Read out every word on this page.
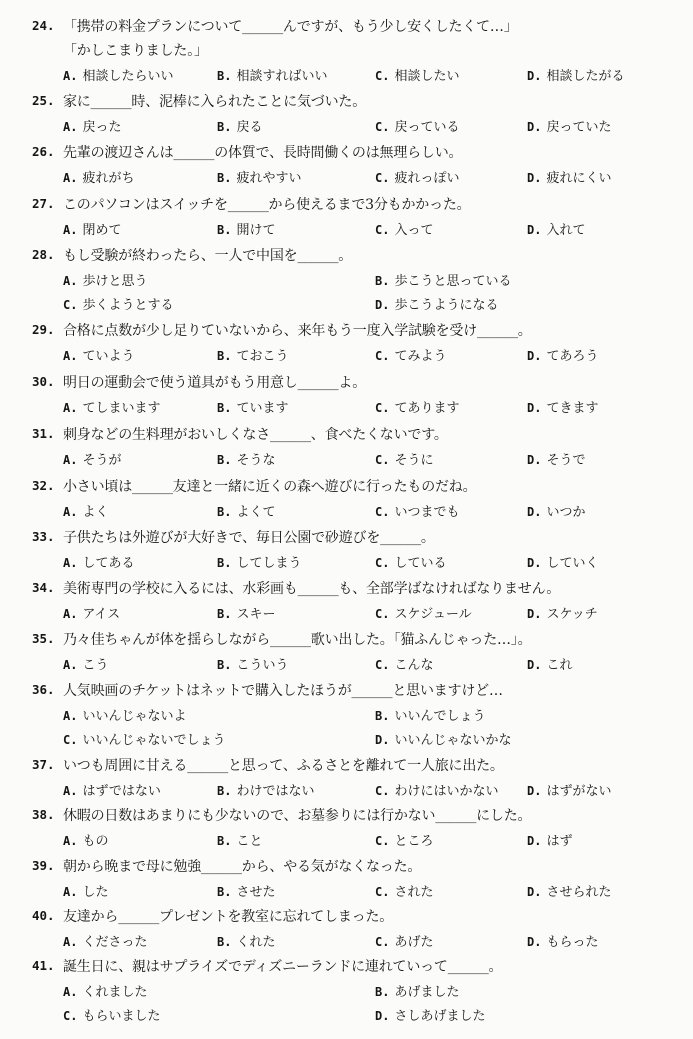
24. 「携帯の料金プランについて______んですが、もう少し安くしたくて…」
「かしこまりました。」
A. 相談したらいい	B. 相談すればいい	C. 相談したい	D. 相談したがる
25. 家に______時、泥棒に入られたことに気づいた。
A. 戻った	B. 戻る	C. 戻っている	D. 戻っていた
26. 先輩の渡辺さんは______の体質で、長時間働くのは無理らしい。
A. 疲れがち	B. 疲れやすい	C. 疲れっぽい	D. 疲れにくい
27. このパソコンはスイッチを______から使えるまで3分もかかった。
A. 閉めて	B. 開けて	C. 入って	D. 入れて
28. もし受験が終わったら、一人で中国を______。
A. 歩けと思う	B. 歩こうと思っている
C. 歩くようとする	D. 歩こうようになる
29. 合格に点数が少し足りていないから、来年もう一度入学試験を受け______。
A. ていよう	B. ておこう	C. てみよう	D. てあろう
30. 明日の運動会で使う道具がもう用意し______よ。
A. てしまいます	B. ています	C. てあります	D. てきます
31. 刺身などの生料理がおいしくなさ______、食べたくないです。
A. そうが	B. そうな	C. そうに	D. そうで
32. 小さい頃は______友達と一緒に近くの森へ遊びに行ったものだね。
A. よく	B. よくて	C. いつまでも	D. いつか
33. 子供たちは外遊びが大好きで、毎日公園で砂遊びを______。
A. してある	B. してしまう	C. している	D. していく
34. 美術専門の学校に入るには、水彩画も______も、全部学ばなければなりません。
A. アイス	B. スキー	C. スケジュール	D. スケッチ
35. 乃々佳ちゃんが体を揺らしながら______歌い出した。「猫ふんじゃった…」。
A. こう	B. こういう	C. こんな	D. これ
36. 人気映画のチケットはネットで購入したほうが______と思いますけど…
A. いいんじゃないよ	B. いいんでしょう
C. いいんじゃないでしょう	D. いいんじゃないかな
37. いつも周囲に甘える______と思って、ふるさとを離れて一人旅に出た。
A. はずではない	B. わけではない	C. わけにはいかない D. はずがない
38. 休暇の日数はあまりにも少ないので、お墓参りには行かない______にした。
A. もの	B. こと	C. ところ	D. はず
39. 朝から晩まで母に勉強______から、やる気がなくなった。
A. した	B. させた	C. された	D. させられた
40. 友達から______プレゼントを教室に忘れてしまった。
A. くださった	B. くれた	C. あげた	D. もらった
41. 誕生日に、親はサプライズでディズニーランドに連れていって______。
A. くれました	B. あげました
C. もらいました	D. さしあげました
